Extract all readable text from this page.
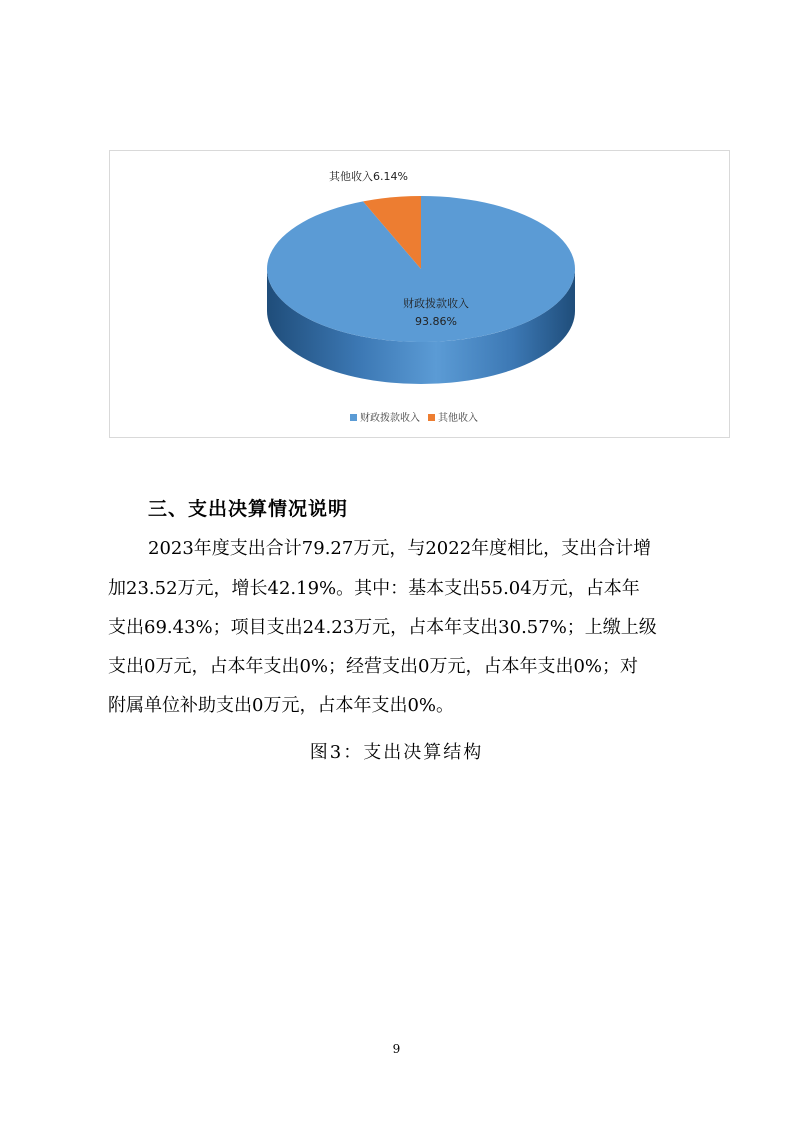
其他收入6.14%
财政拨款收入
93.86%
财政拨款收入 其他收入
三、支出决算情况说明
2023年度支出合计79.27万元，与2022年度相比，支出合计增
加23.52万元，增长42.19%。其中：基本支出55.04万元，占本年
支出69.43%；项目支出24.23万元，占本年支出30.57%；上缴上级
支出0万元，占本年支出0%；经营支出0万元，占本年支出0%；对
附属单位补助支出0万元，占本年支出0%。
图3：支出决算结构
9
